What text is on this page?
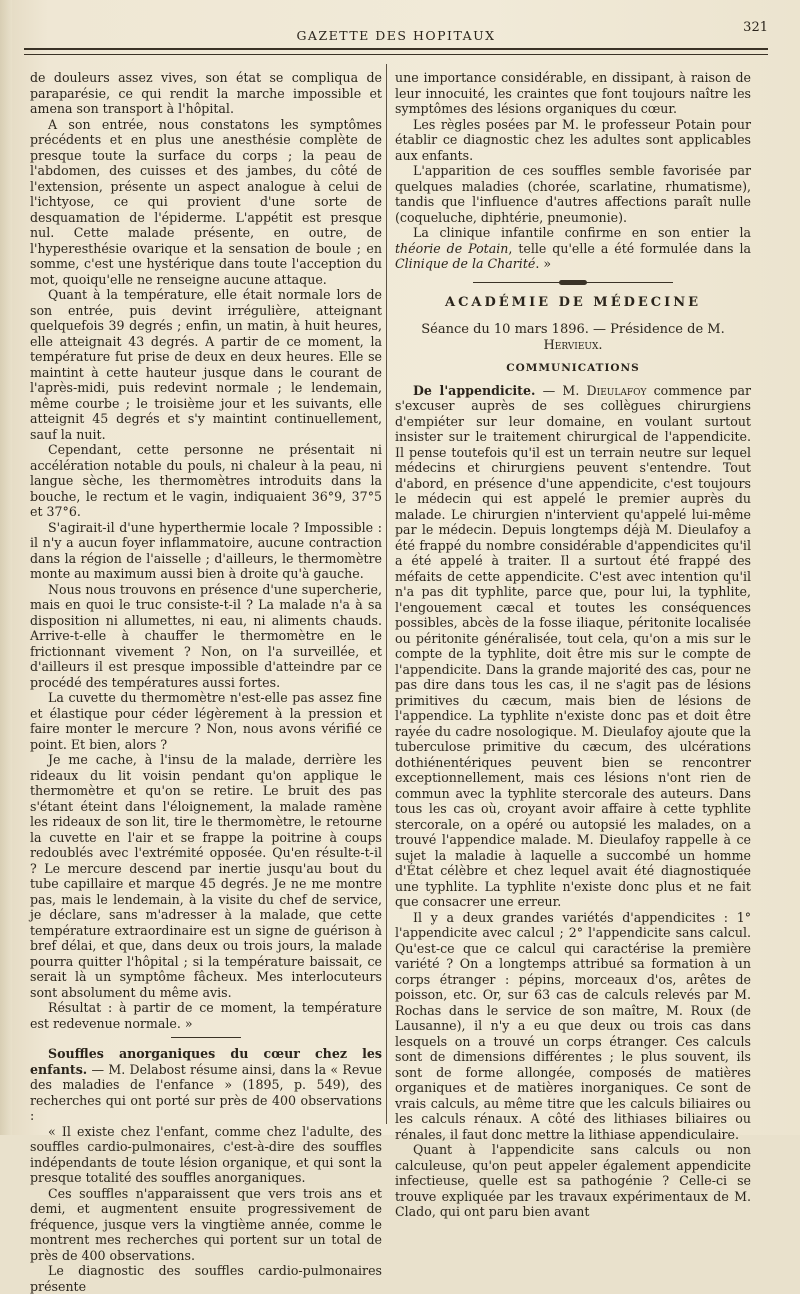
GAZETTE DES HOPITAUX
321

de douleurs assez vives, son état se compliqua de paraparésie, ce qui rendit la marche impossible et amena son transport à l'hôpital.

A son entrée, nous constatons les symptômes précédents et en plus une anesthésie complète de presque toute la surface du corps ; la peau de l'abdomen, des cuisses et des jambes, du côté de l'extension, présente un aspect analogue à celui de l'ichtyose, ce qui provient d'une sorte de desquamation de l'épiderme. L'appétit est presque nul. Cette malade présente, en outre, de l'hyperesthésie ovarique et la sensation de boule ; en somme, c'est une hystérique dans toute l'acception du mot, quoiqu'elle ne renseigne aucune attaque.

Quant à la température, elle était normale lors de son entrée, puis devint irrégulière, atteignant quelquefois 39 degrés ; enfin, un matin, à huit heures, elle atteignait 43 degrés. A partir de ce moment, la température fut prise de deux en deux heures. Elle se maintint à cette hauteur jusque dans le courant de l'après-midi, puis redevint normale ; le lendemain, même courbe ; le troisième jour et les suivants, elle atteignit 45 degrés et s'y maintint continuellement, sauf la nuit.

Cependant, cette personne ne présentait ni accélération notable du pouls, ni chaleur à la peau, ni langue sèche, les thermomètres introduits dans la bouche, le rectum et le vagin, indiquaient 36°9, 37°5 et 37°6.

S'agirait-il d'une hyperthermie locale ? Impossible : il n'y a aucun foyer inflammatoire, aucune contraction dans la région de l'aisselle ; d'ailleurs, le thermomètre monte au maximum aussi bien à droite qu'à gauche.

Nous nous trouvons en présence d'une supercherie, mais en quoi le truc consiste-t-il ? La malade n'a à sa disposition ni allumettes, ni eau, ni aliments chauds. Arrive-t-elle à chauffer le thermomètre en le frictionnant vivement ? Non, on l'a surveillée, et d'ailleurs il est presque impossible d'atteindre par ce procédé des températures aussi fortes.

La cuvette du thermomètre n'est-elle pas assez fine et élastique pour céder légèrement à la pression et faire monter le mercure ? Non, nous avons vérifié ce point. Et bien, alors ?

Je me cache, à l'insu de la malade, derrière les rideaux du lit voisin pendant qu'on applique le thermomètre et qu'on se retire. Le bruit des pas s'étant éteint dans l'éloignement, la malade ramène les rideaux de son lit, tire le thermomètre, le retourne la cuvette en l'air et se frappe la poitrine à coups redoublés avec l'extrémité opposée. Qu'en résulte-t-il ? Le mercure descend par inertie jusqu'au bout du tube capillaire et marque 45 degrés. Je ne me montre pas, mais le lendemain, à la visite du chef de service, je déclare, sans m'adresser à la malade, que cette température extraordinaire est un signe de guérison à bref délai, et que, dans deux ou trois jours, la malade pourra quitter l'hôpital ; si la température baissait, ce serait là un symptôme fâcheux. Mes interlocuteurs sont absolument du même avis.

Résultat : à partir de ce moment, la température est redevenue normale. »

Souffles anorganiques du cœur chez les enfants. — M. Delabost résume ainsi, dans la « Revue des maladies de l'enfance » (1895, p. 549), des recherches qui ont porté sur près de 400 observations :

« Il existe chez l'enfant, comme chez l'adulte, des souffles cardio-pulmonaires, c'est-à-dire des souffles indépendants de toute lésion organique, et qui sont la presque totalité des souffles anorganiques.

Ces souffles n'apparaissent que vers trois ans et demi, et augmentent ensuite progressivement de fréquence, jusque vers la vingtième année, comme le montrent mes recherches qui portent sur un total de près de 400 observations.

Le diagnostic des souffles cardio-pulmonaires présente

une importance considérable, en dissipant, à raison de leur innocuité, les craintes que font toujours naître les symptômes des lésions organiques du cœur.

Les règles posées par M. le professeur Potain pour établir ce diagnostic chez les adultes sont applicables aux enfants.

L'apparition de ces souffles semble favorisée par quelques maladies (chorée, scarlatine, rhumatisme), tandis que l'influence d'autres affections paraît nulle (coqueluche, diphtérie, pneumonie).

La clinique infantile confirme en son entier la théorie de Potain, telle qu'elle a été formulée dans la Clinique de la Charité. »

ACADÉMIE DE MÉDECINE
Séance du 10 mars 1896. — Présidence de M. Hervieux.
COMMUNICATIONS

De l'appendicite. — M. Dieulafoy commence par s'excuser auprès de ses collègues chirurgiens d'empiéter sur leur domaine, en voulant surtout insister sur le traitement chirurgical de l'appendicite. Il pense toutefois qu'il est un terrain neutre sur lequel médecins et chirurgiens peuvent s'entendre. Tout d'abord, en présence d'une appendicite, c'est toujours le médecin qui est appelé le premier auprès du malade. Le chirurgien n'intervient qu'appelé lui-même par le médecin. Depuis longtemps déjà M. Dieulafoy a été frappé du nombre considérable d'appendicites qu'il a été appelé à traiter. Il a surtout été frappé des méfaits de cette appendicite. C'est avec intention qu'il n'a pas dit typhlite, parce que, pour lui, la typhlite, l'engouement cæcal et toutes les conséquences possibles, abcès de la fosse iliaque, péritonite localisée ou péritonite généralisée, tout cela, qu'on a mis sur le compte de la typhlite, doit être mis sur le compte de l'appendicite. Dans la grande majorité des cas, pour ne pas dire dans tous les cas, il ne s'agit pas de lésions primitives du cæcum, mais bien de lésions de l'appendice. La typhlite n'existe donc pas et doit être rayée du cadre nosologique. M. Dieulafoy ajoute que la tuberculose primitive du cæcum, des ulcérations dothiénentériques peuvent bien se rencontrer exceptionnellement, mais ces lésions n'ont rien de commun avec la typhlite stercorale des auteurs. Dans tous les cas où, croyant avoir affaire à cette typhlite stercorale, on a opéré ou autopsié les malades, on a trouvé l'appendice malade. M. Dieulafoy rappelle à ce sujet la maladie à laquelle a succombé un homme d'État célèbre et chez lequel avait été diagnostiquée une typhlite. La typhlite n'existe donc plus et ne fait que consacrer une erreur.

Il y a deux grandes variétés d'appendicites : 1° l'appendicite avec calcul ; 2° l'appendicite sans calcul. Qu'est-ce que ce calcul qui caractérise la première variété ? On a longtemps attribué sa formation à un corps étranger : pépins, morceaux d'os, arêtes de poisson, etc. Or, sur 63 cas de calculs relevés par M. Rochas dans le service de son maître, M. Roux (de Lausanne), il n'y a eu que deux ou trois cas dans lesquels on a trouvé un corps étranger. Ces calculs sont de dimensions différentes ; le plus souvent, ils sont de forme allongée, composés de matières organiques et de matières inorganiques. Ce sont de vrais calculs, au même titre que les calculs biliaires ou les calculs rénaux. A côté des lithiases biliaires ou rénales, il faut donc mettre la lithiase appendiculaire.

Quant à l'appendicite sans calculs ou non calculeuse, qu'on peut appeler également appendicite infectieuse, quelle est sa pathogénie ? Celle-ci se trouve expliquée par les travaux expérimentaux de M. Clado, qui ont paru bien avant
